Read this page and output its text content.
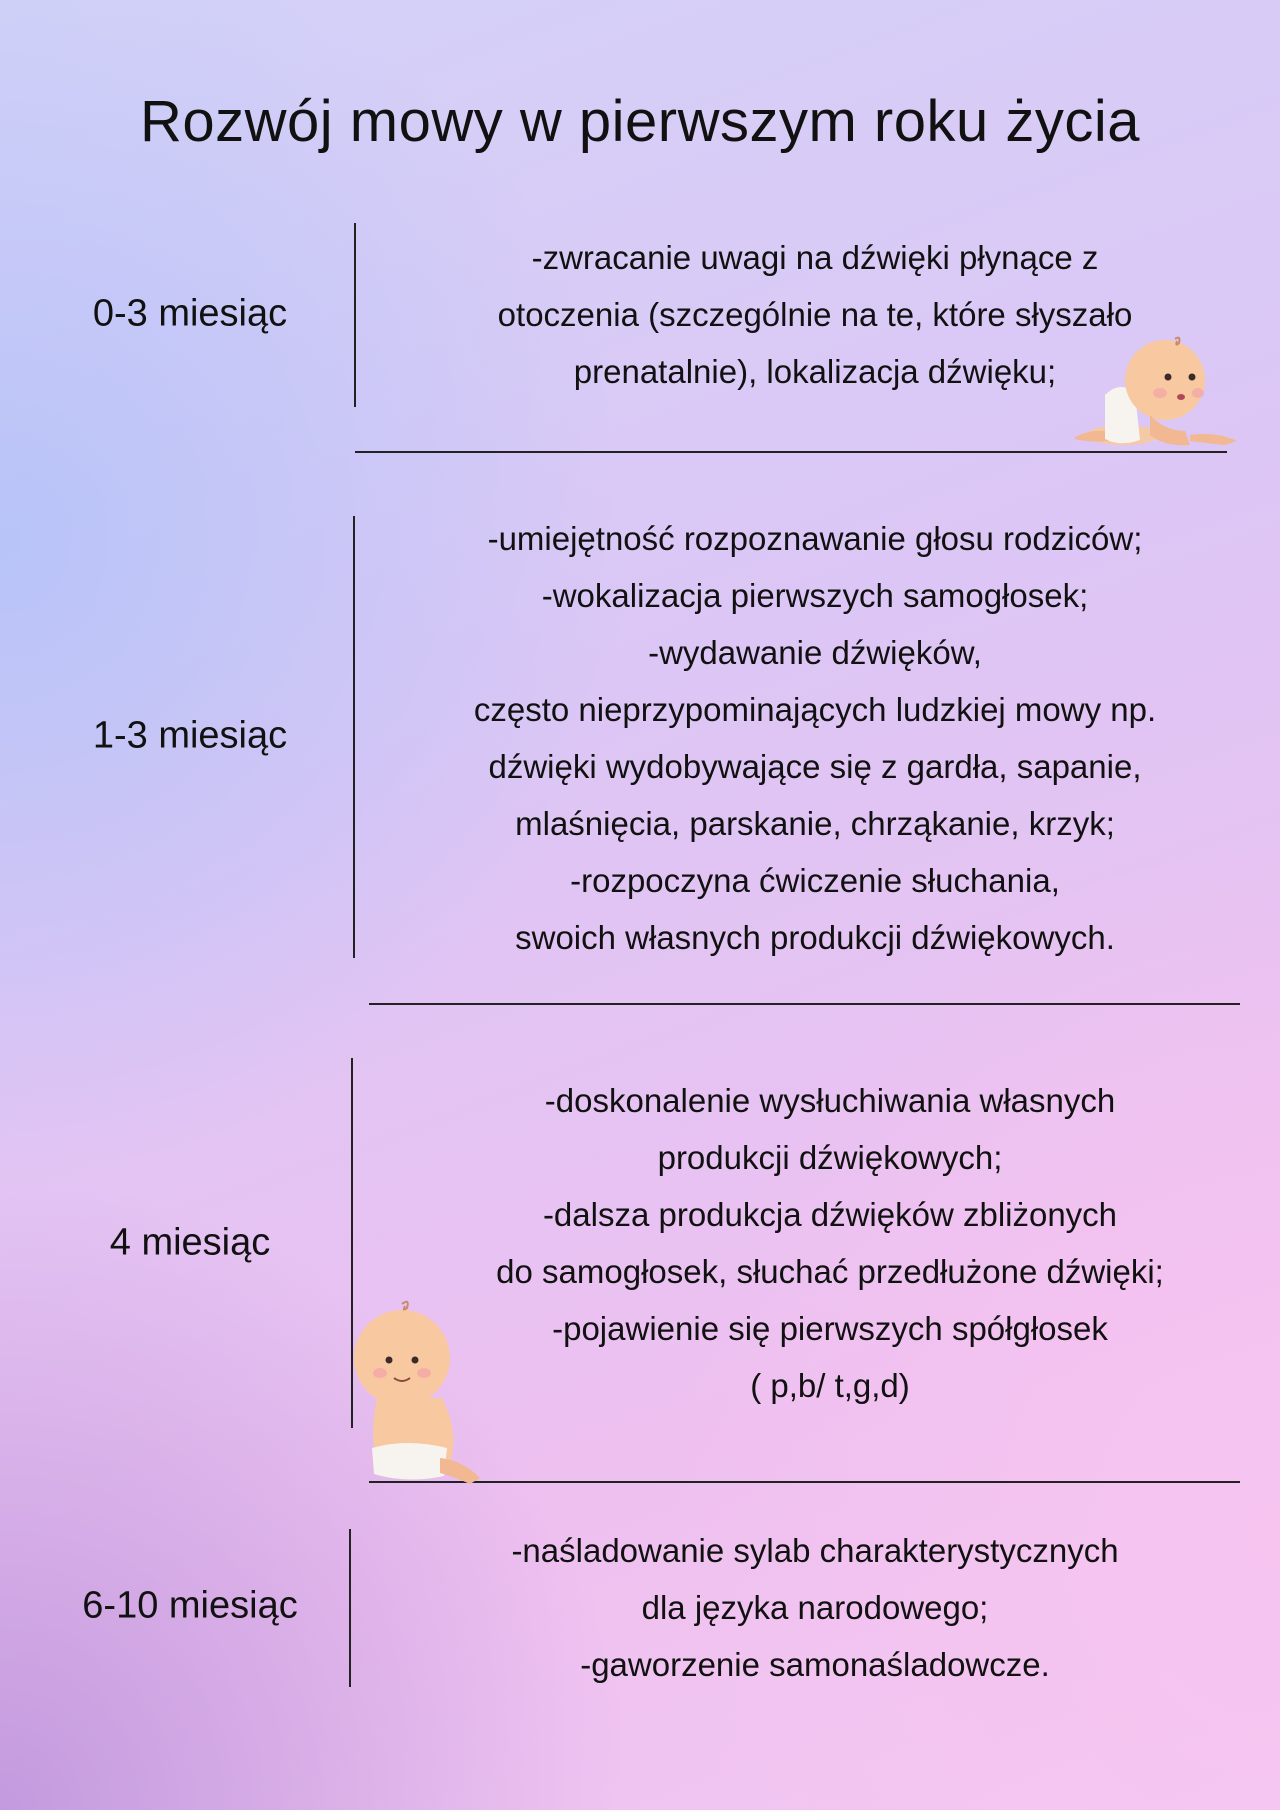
Rozwój mowy w pierwszym roku życia
0-3 miesiąc
-zwracanie uwagi na dźwięki płynące z
otoczenia (szczególnie na te, które słyszało
prenatalnie), lokalizacja dźwięku;
1-3 miesiąc
-umiejętność rozpoznawanie głosu rodziców;
-wokalizacja pierwszych samogłosek;
-wydawanie dźwięków,
często nieprzypominających ludzkiej mowy np.
dźwięki wydobywające się z gardła, sapanie,
mlaśnięcia, parskanie, chrząkanie, krzyk;
-rozpoczyna ćwiczenie słuchania,
swoich własnych produkcji dźwiękowych.
4 miesiąc
-doskonalenie wysłuchiwania własnych
produkcji dźwiękowych;
-dalsza produkcja dźwięków zbliżonych
do samogłosek, słuchać przedłużone dźwięki;
-pojawienie się pierwszych spółgłosek
( p,b/ t,g,d)
6-10 miesiąc
-naśladowanie sylab charakterystycznych
dla języka narodowego;
-gaworzenie samonaśladowcze.
